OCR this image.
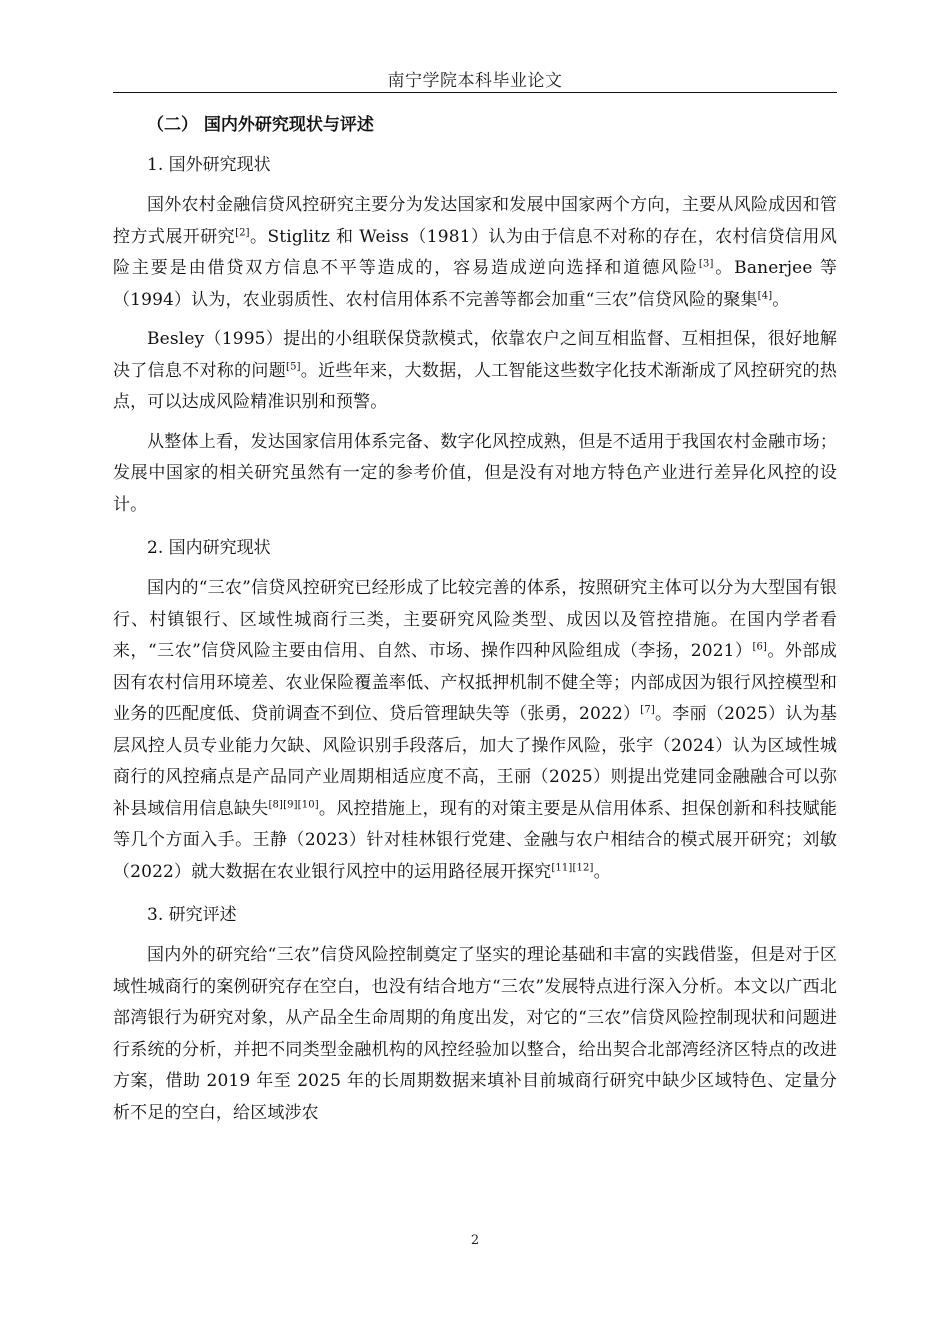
南宁学院本科毕业论文
（二） 国内外研究现状与评述
1. 国外研究现状

国外农村金融信贷风控研究主要分为发达国家和发展中国家两个方向，主要从风险成因和管控方式展开研究[2]。Stiglitz 和 Weiss（1981）认为由于信息不对称的存在，农村信贷信用风险主要是由借贷双方信息不平等造成的，容易造成逆向选择和道德风险[3]。Banerjee 等（1994）认为，农业弱质性、农村信用体系不完善等都会加重“三农”信贷风险的聚集[4]。

Besley（1995）提出的小组联保贷款模式，依靠农户之间互相监督、互相担保，很好地解决了信息不对称的问题[5]。近些年来，大数据，人工智能这些数字化技术渐渐成了风控研究的热点，可以达成风险精准识别和预警。

从整体上看，发达国家信用体系完备、数字化风控成熟，但是不适用于我国农村金融市场；发展中国家的相关研究虽然有一定的参考价值，但是没有对地方特色产业进行差异化风控的设计。

2. 国内研究现状

国内的“三农”信贷风控研究已经形成了比较完善的体系，按照研究主体可以分为大型国有银行、村镇银行、区域性城商行三类，主要研究风险类型、成因以及管控措施。在国内学者看来，“三农”信贷风险主要由信用、自然、市场、操作四种风险组成（李扬，2021）[6]。外部成因有农村信用环境差、农业保险覆盖率低、产权抵押机制不健全等；内部成因为银行风控模型和业务的匹配度低、贷前调查不到位、贷后管理缺失等（张勇，2022）[7]。李丽（2025）认为基层风控人员专业能力欠缺、风险识别手段落后，加大了操作风险，张宇（2024）认为区域性城商行的风控痛点是产品同产业周期相适应度不高，王丽（2025）则提出党建同金融融合可以弥补县域信用信息缺失[8][9][10]。风控措施上，现有的对策主要是从信用体系、担保创新和科技赋能等几个方面入手。王静（2023）针对桂林银行党建、金融与农户相结合的模式展开研究；刘敏（2022）就大数据在农业银行风控中的运用路径展开探究[11][12]。

3. 研究评述

国内外的研究给“三农”信贷风险控制奠定了坚实的理论基础和丰富的实践借鉴，但是对于区域性城商行的案例研究存在空白，也没有结合地方“三农”发展特点进行深入分析。本文以广西北部湾银行为研究对象，从产品全生命周期的角度出发，对它的“三农”信贷风险控制现状和问题进行系统的分析，并把不同类型金融机构的风控经验加以整合，给出契合北部湾经济区特点的改进方案，借助 2019 年至 2025 年的长周期数据来填补目前城商行研究中缺少区域特色、定量分析不足的空白，给区域涉农

2
